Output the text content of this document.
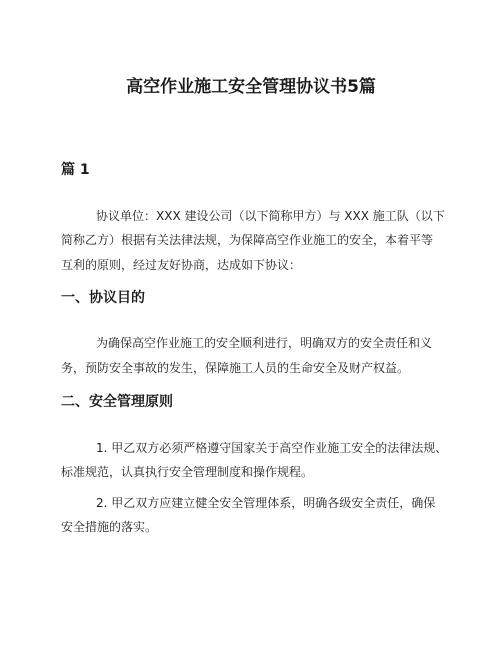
高空作业施工安全管理协议书5篇
篇 1
协议单位：XXX 建设公司（以下简称甲方）与 XXX 施工队（以下
简称乙方）根据有关法律法规，为保障高空作业施工的安全，本着平等
互利的原则，经过友好协商，达成如下协议：
一、协议目的
为确保高空作业施工的安全顺利进行，明确双方的安全责任和义
务，预防安全事故的发生，保障施工人员的生命安全及财产权益。
二、安全管理原则
1. 甲乙双方必须严格遵守国家关于高空作业施工安全的法律法规、
标准规范，认真执行安全管理制度和操作规程。
2. 甲乙双方应建立健全安全管理体系，明确各级安全责任，确保
安全措施的落实。
